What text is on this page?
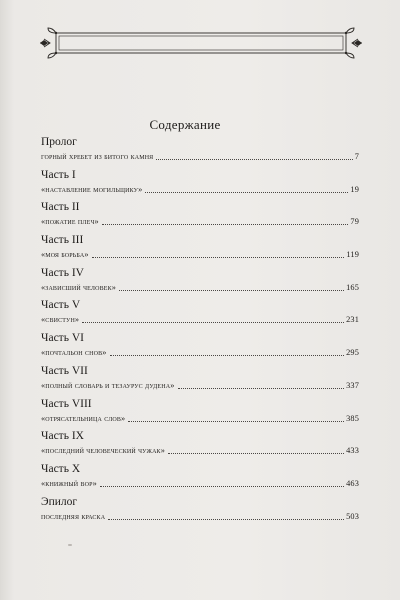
Содержание
Пролог
горный хребет из битого камня	7
Часть I
«наставление могильщику»	19
Часть II
«пожатие плеч»	79
Часть III
«моя борьба»	119
Часть IV
«зависший человек»	165
Часть V
«свистун»	231
Часть VI
«почтальон снов»	295
Часть VII
«полный словарь и тезаурус дудена»	337
Часть VIII
«отрясательница слов»	385
Часть IX
«последний человеческий чужак»	433
Часть X
«книжный вор»	463
Эпилог
последняя краска	503
